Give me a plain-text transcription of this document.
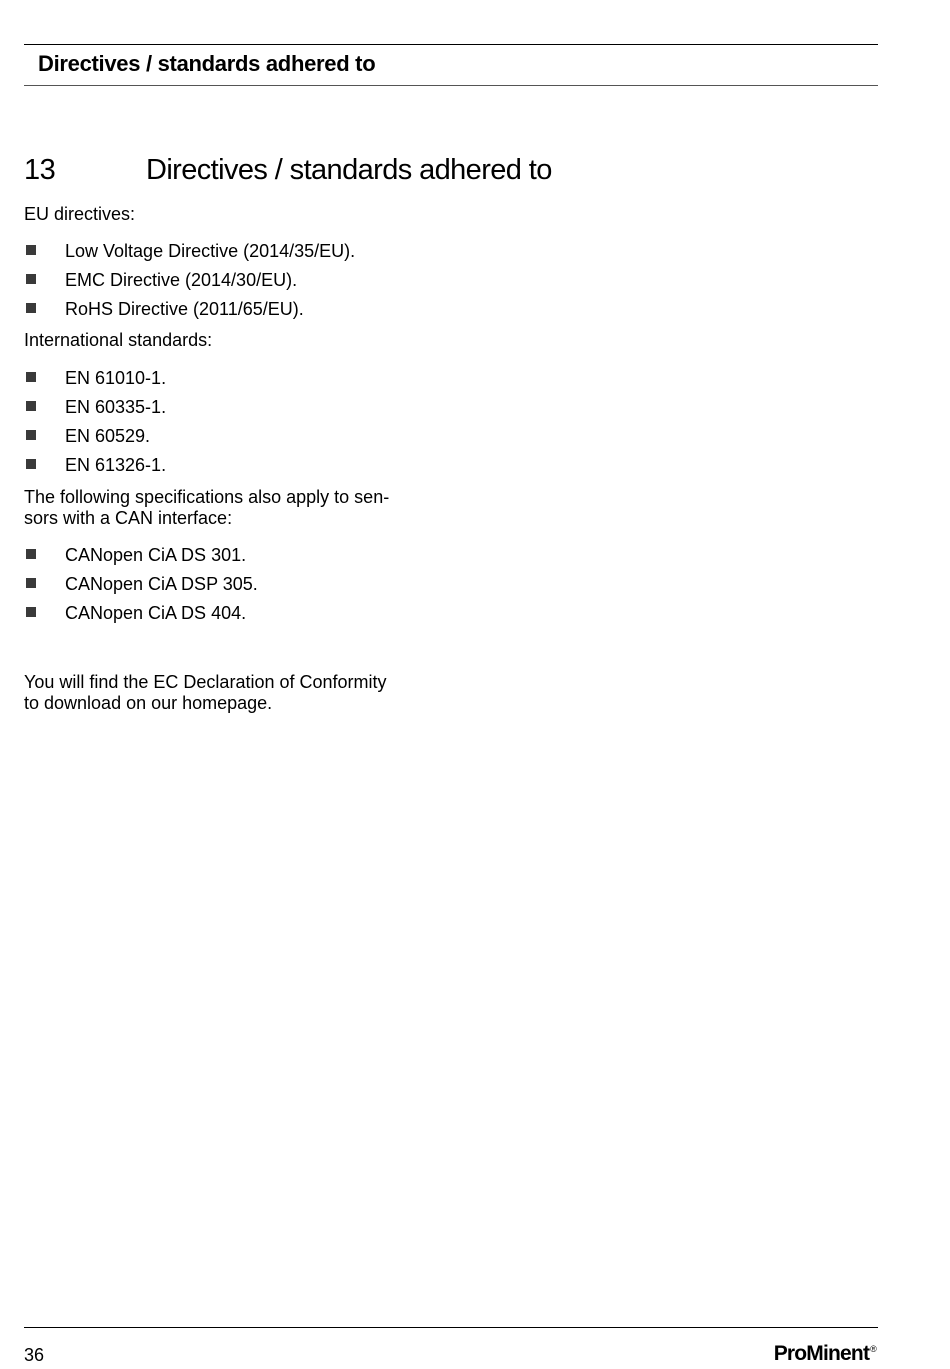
Directives / standards adhered to
13	Directives / standards adhered to

EU directives:

Low Voltage Directive (2014/35/EU).
EMC Directive (2014/30/EU).
RoHS Directive (2011/65/EU).

International standards:

EN 61010-1.
EN 60335-1.
EN 60529.
EN 61326-1.

The following specifications also apply to sen-
sors with a CAN interface:

CANopen CiA DS 301.
CANopen CiA DSP 305.
CANopen CiA DS 404.

You will find the EC Declaration of Conformity
to download on our homepage.

36	ProMinent®
